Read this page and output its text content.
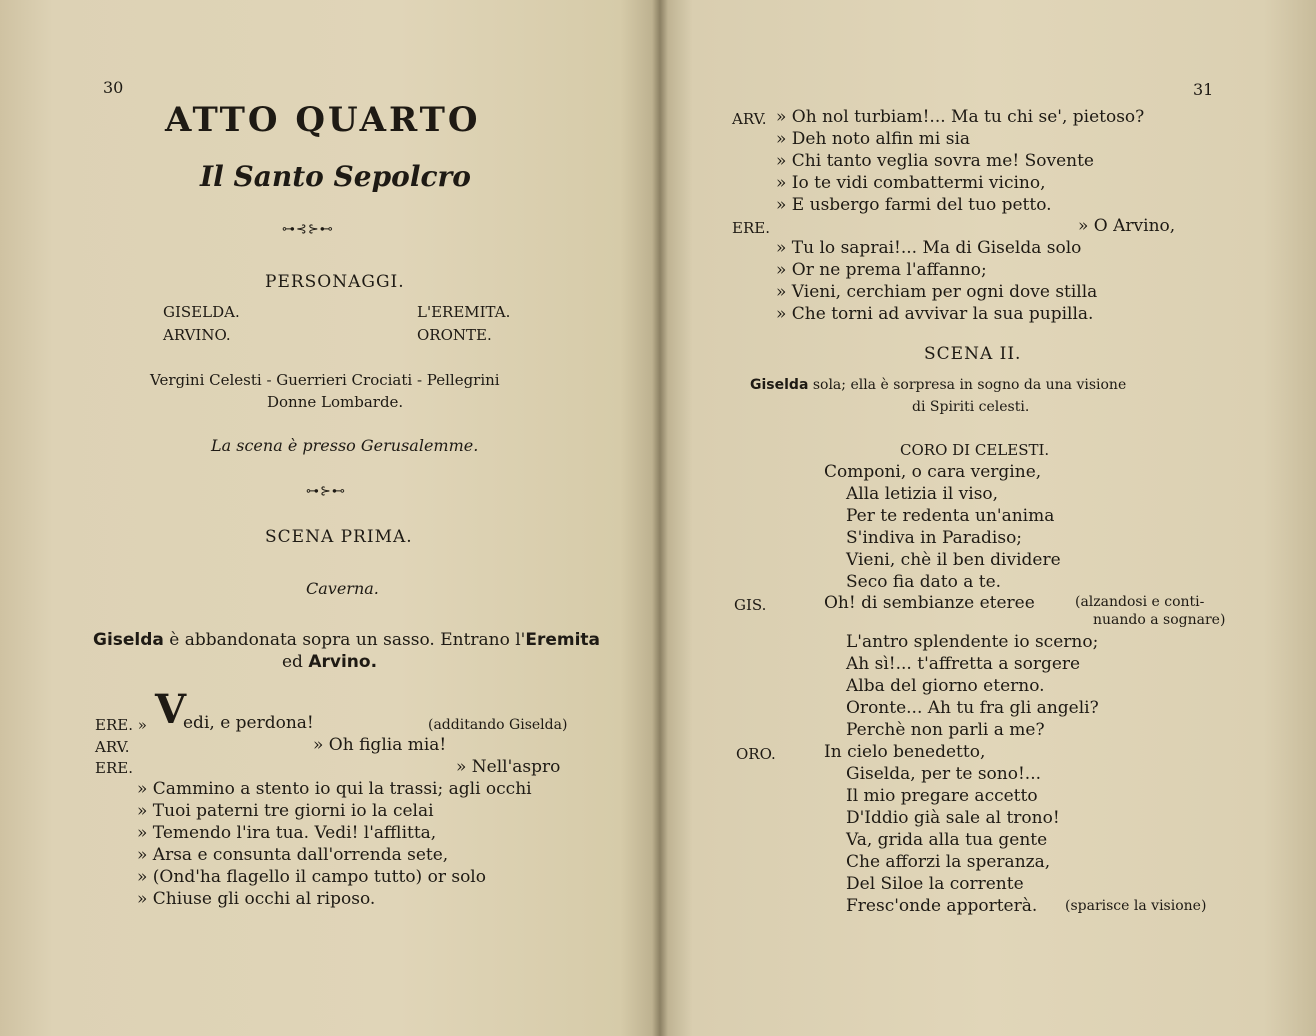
30
ATTO QUARTO
Il Santo Sepolcro
⊶⊰⊱⊷
PERSONAGGI.
GISELDA.	L'EREMITA.
ARVINO.	ORONTE.
Vergini Celesti - Guerrieri Crociati - Pellegrini
Donne Lombarde.
La scena è presso Gerusalemme.
⊶⊱⊷
SCENA PRIMA.
Caverna.
Giselda è abbandonata sopra un sasso. Entrano l'Eremita
ed Arvino.
ERE. » V
edi, e perdona!	(additando Giselda)
ARV.	» Oh figlia mia!
ERE.	» Nell'aspro
» Cammino a stento io qui la trassi; agli occhi
» Tuoi paterni tre giorni io la celai
» Temendo l'ira tua. Vedi! l'afflitta,
» Arsa e consunta dall'orrenda sete,
» (Ond'ha flagello il campo tutto) or solo
» Chiuse gli occhi al riposo.
31
ARV. » Oh nol turbiam!... Ma tu chi se', pietoso?
» Deh noto alfin mi sia
» Chi tanto veglia sovra me! Sovente
» Io te vidi combattermi vicino,
» E usbergo farmi del tuo petto.
ERE.	» O Arvino,
» Tu lo saprai!... Ma di Giselda solo
» Or ne prema l'affanno;
» Vieni, cerchiam per ogni dove stilla
» Che torni ad avvivar la sua pupilla.
SCENA II.
Giselda sola; ella è sorpresa in sogno da una visione
di Spiriti celesti.
CORO DI CELESTI.
Componi, o cara vergine,
Alla letizia il viso,
Per te redenta un'anima
S'indiva in Paradiso;
Vieni, chè il ben dividere
Seco fia dato a te.
GIS.	Oh! di sembianze eteree	(alzandosi e conti-
nuando a sognare)
L'antro splendente io scerno;
Ah sì!... t'affretta a sorgere
Alba del giorno eterno.
Oronte... Ah tu fra gli angeli?
Perchè non parli a me?
ORO.	In cielo benedetto,
Giselda, per te sono!...
Il mio pregare accetto
D'Iddio già sale al trono!
Va, grida alla tua gente
Che afforzi la speranza,
Del Siloe la corrente
Fresc'onde apporterà. (sparisce la visione)
